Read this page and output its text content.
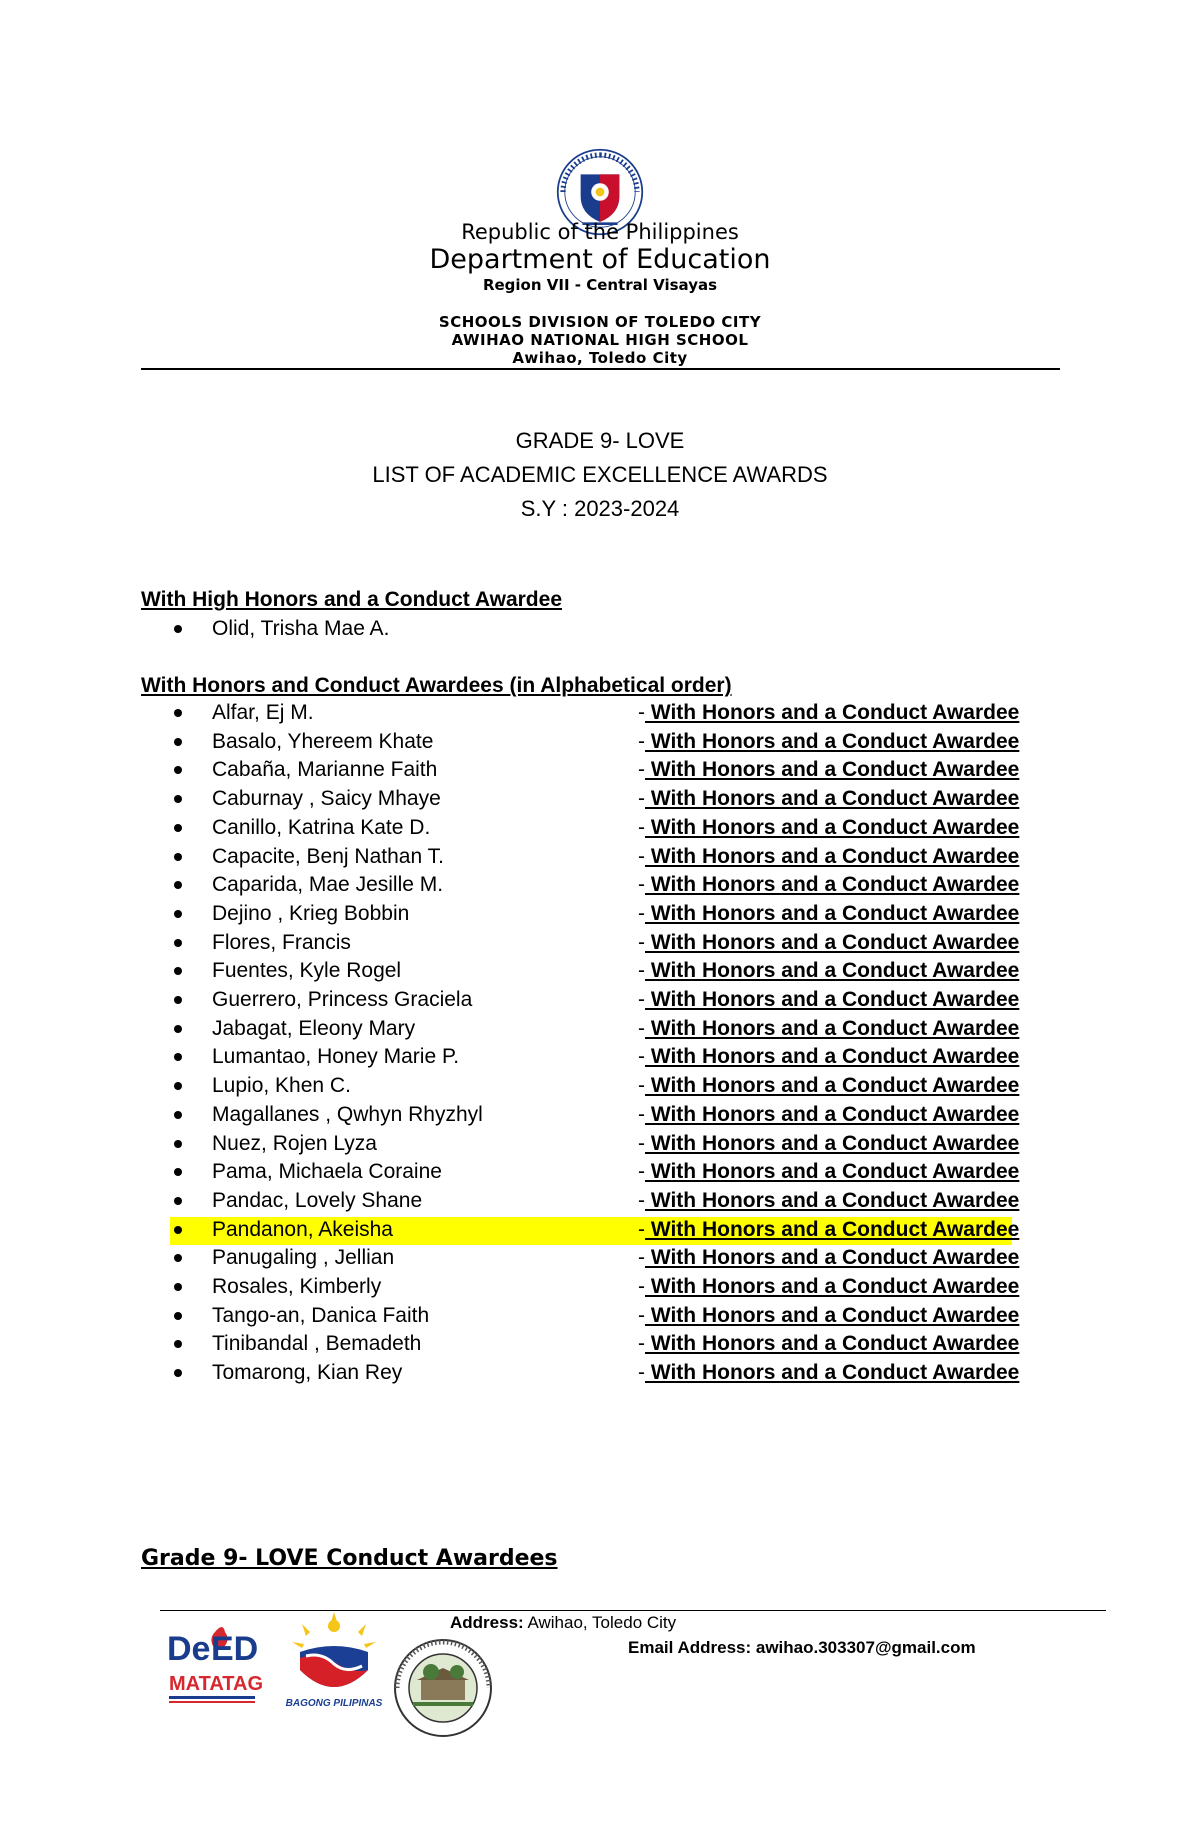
Republic of the Philippines
Department of Education
Region VII - Central Visayas
SCHOOLS DIVISION OF TOLEDO CITY
AWIHAO NATIONAL HIGH SCHOOL
Awihao, Toledo City
GRADE 9- LOVE
LIST OF ACADEMIC EXCELLENCE AWARDS
S.Y : 2023-2024
With High Honors and a Conduct Awardee
Olid, Trisha Mae A.
With Honors and Conduct Awardees (in Alphabetical order)
Alfar, Ej M.	- With Honors and a Conduct Awardee
Basalo, Yhereem Khate	- With Honors and a Conduct Awardee
Cabaña, Marianne Faith	- With Honors and a Conduct Awardee
Caburnay , Saicy Mhaye	- With Honors and a Conduct Awardee
Canillo, Katrina Kate D.	- With Honors and a Conduct Awardee
Capacite, Benj Nathan T.	- With Honors and a Conduct Awardee
Caparida, Mae Jesille M.	- With Honors and a Conduct Awardee
Dejino , Krieg Bobbin	- With Honors and a Conduct Awardee
Flores, Francis	- With Honors and a Conduct Awardee
Fuentes, Kyle Rogel	- With Honors and a Conduct Awardee
Guerrero, Princess Graciela	- With Honors and a Conduct Awardee
Jabagat, Eleony Mary	- With Honors and a Conduct Awardee
Lumantao, Honey Marie P.	- With Honors and a Conduct Awardee
Lupio, Khen C.	- With Honors and a Conduct Awardee
Magallanes , Qwhyn Rhyzhyl	- With Honors and a Conduct Awardee
Nuez, Rojen Lyza	- With Honors and a Conduct Awardee
Pama, Michaela Coraine	- With Honors and a Conduct Awardee
Pandac, Lovely Shane	- With Honors and a Conduct Awardee
Pandanon, Akeisha	- With Honors and a Conduct Awardee
Panugaling , Jellian	- With Honors and a Conduct Awardee
Rosales, Kimberly	- With Honors and a Conduct Awardee
Tango-an, Danica Faith	- With Honors and a Conduct Awardee
Tinibandal , Bemadeth	- With Honors and a Conduct Awardee
Tomarong, Kian Rey	- With Honors and a Conduct Awardee
Grade 9- LOVE Conduct Awardees
De ED
MATATAG
BAGONG PILIPINAS
Address: Awihao, Toledo City
Email Address: awihao.303307@gmail.com
